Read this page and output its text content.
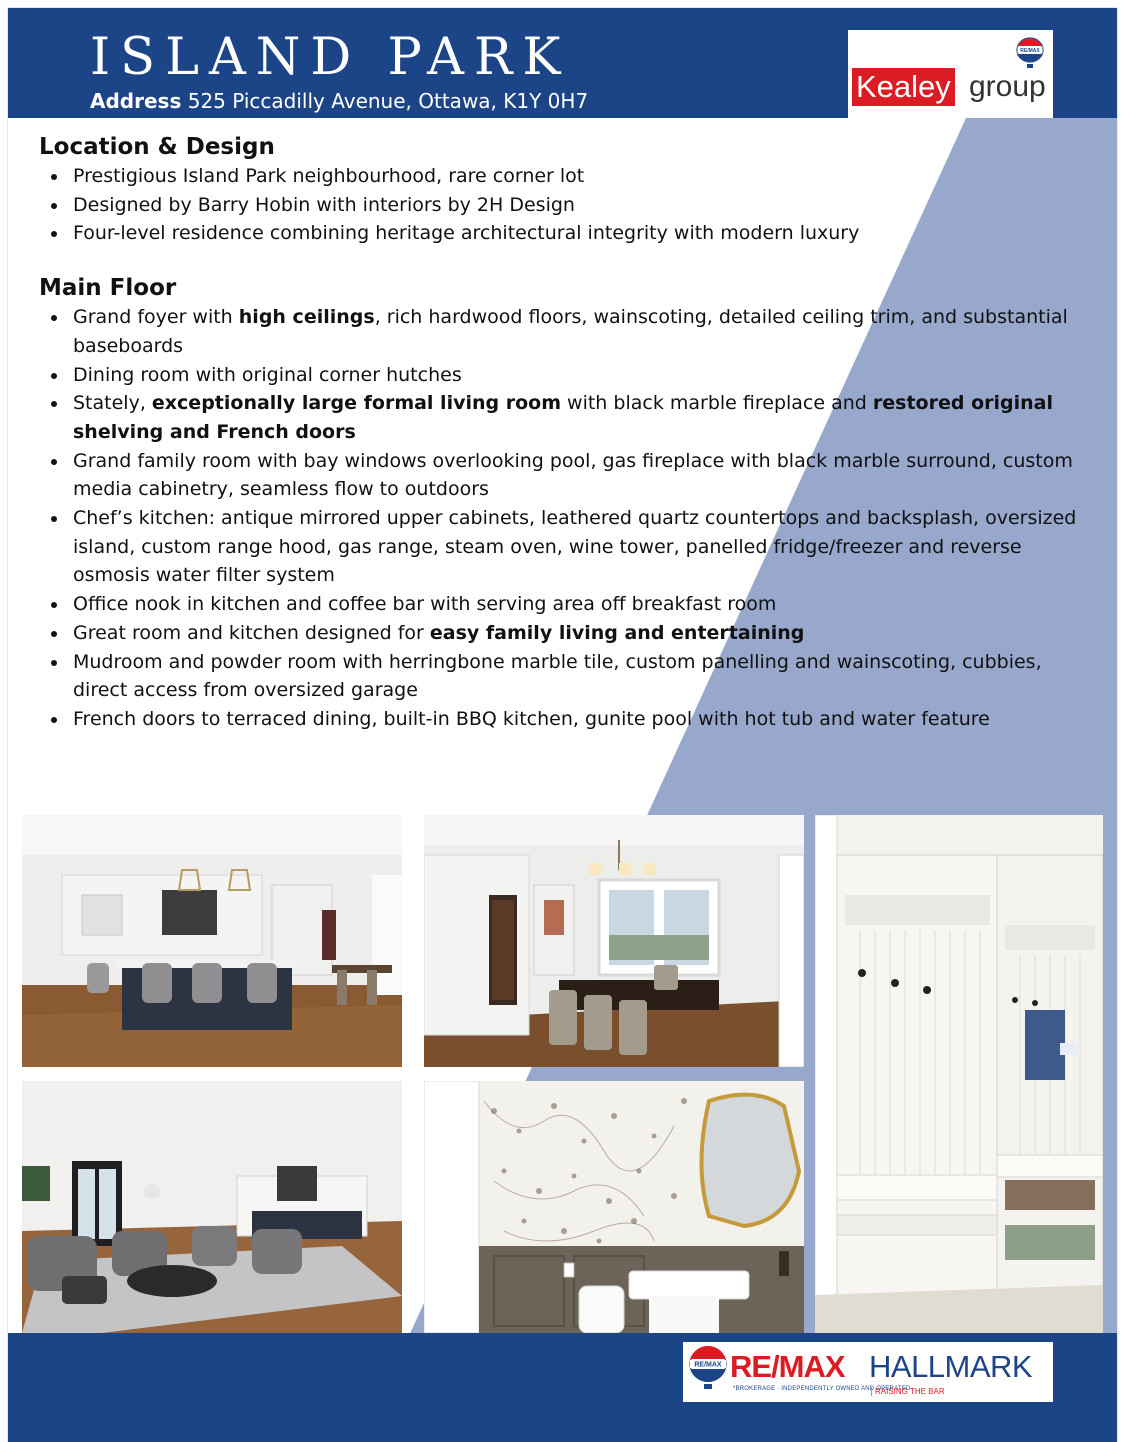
ISLAND PARK

Address 525 Piccadilly Avenue, Ottawa, K1Y 0H7

RE/MAX
Kealey group
Location & Design
Prestigious Island Park neighbourhood, rare corner lot
Designed by Barry Hobin with interiors by 2H Design
Four-level residence combining heritage architectural integrity with modern luxury
Main Floor
Grand foyer with high ceilings, rich hardwood floors, wainscoting, detailed ceiling trim, and substantial baseboards
Dining room with original corner hutches
Stately, exceptionally large formal living room with black marble fireplace and restored original shelving and French doors
Grand family room with bay windows overlooking pool, gas fireplace with black marble surround, custom media cabinetry, seamless flow to outdoors
Chef’s kitchen: antique mirrored upper cabinets, leathered quartz countertops and backsplash, oversized island, custom range hood, gas range, steam oven, wine tower, panelled fridge/freezer and reverse osmosis water filter system
Office nook in kitchen and coffee bar with serving area off breakfast room
Great room and kitchen designed for easy family living and entertaining
Mudroom and powder room with herringbone marble tile, custom panelling and wainscoting, cubbies, direct access from oversized garage
French doors to terraced dining, built-in BBQ kitchen, gunite pool with hot tub and water feature
RE/MAX RE/MAX HALLMARK
*BROKERAGE · INDEPENDENTLY OWNED AND OPERATED
RAISING THE BAR
